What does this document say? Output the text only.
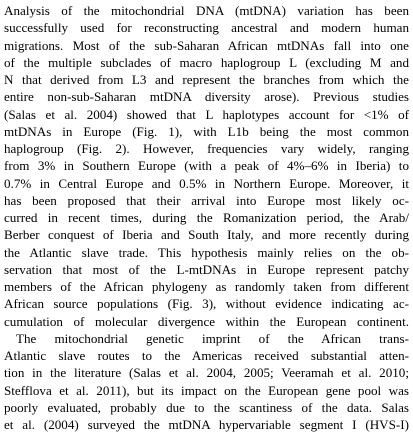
Analysis of the mitochondrial DNA (mtDNA) variation has been
successfully used for reconstructing ancestral and modern human
migrations. Most of the sub-Saharan African mtDNAs fall into one
of the multiple subclades of macro haplogroup L (excluding M and
N that derived from L3 and represent the branches from which the
entire non-sub-Saharan mtDNA diversity arose). Previous studies
(Salas et al. 2004) showed that L haplotypes account for <1% of
mtDNAs in Europe (Fig. 1), with L1b being the most common
haplogroup (Fig. 2). However, frequencies vary widely, ranging
from 3% in Southern Europe (with a peak of 4%–6% in Iberia) to
0.7% in Central Europe and 0.5% in Northern Europe. Moreover, it
has been proposed that their arrival into Europe most likely oc-
curred in recent times, during the Romanization period, the Arab/
Berber conquest of Iberia and South Italy, and more recently during
the Atlantic slave trade. This hypothesis mainly relies on the ob-
servation that most of the L-mtDNAs in Europe represent patchy
members of the African phylogeny as randomly taken from different
African source populations (Fig. 3), without evidence indicating ac-
cumulation of molecular divergence within the European continent.
The mitochondrial genetic imprint of the African trans-
Atlantic slave routes to the Americas received substantial atten-
tion in the literature (Salas et al. 2004, 2005; Veeramah et al. 2010;
Stefflova et al. 2011), but its impact on the European gene pool was
poorly evaluated, probably due to the scantiness of the data. Salas
et al. (2004) surveyed the mtDNA hypervariable segment I (HVS-I)
